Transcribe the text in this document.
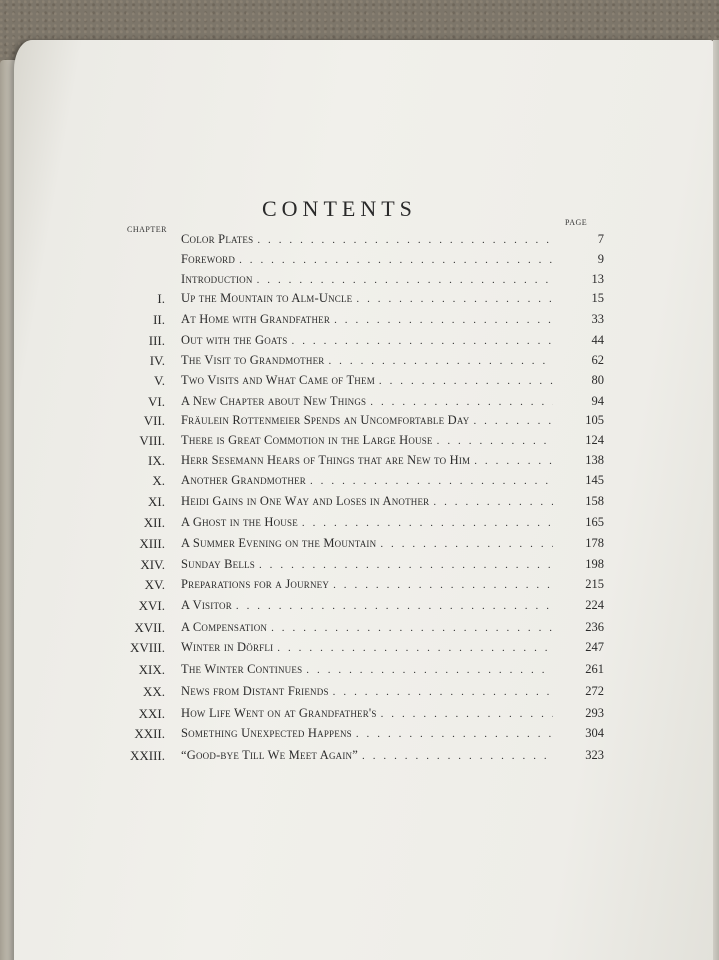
CONTENTS
CHAPTER
PAGE
Color Plates . . .	7
Foreword . . .	9
Introduction . . .	13
I. Up the Mountain to Alm-Uncle . . .	15
II. At Home with Grandfather . . .	33
III. Out with the Goats . . .	44
IV. The Visit to Grandmother . . .	62
V. Two Visits and What Came of Them . . .	80
VI. A New Chapter about New Things . . .	94
VII. Fräulein Rottenmeier Spends an Uncomfortable Day . . .	105
VIII. There is Great Commotion in the Large House . . .	124
IX. Herr Sesemann Hears of Things that are New to Him . . .	138
X. Another Grandmother . . .	145
XI. Heidi Gains in One Way and Loses in Another . . .	158
XII. A Ghost in the House . . .	165
XIII. A Summer Evening on the Mountain . . .	178
XIV. Sunday Bells . . .	198
XV. Preparations for a Journey . . .	215
XVI. A Visitor . . .	224
XVII. A Compensation . . .	236
XVIII. Winter in Dörfli . . .	247
XIX. The Winter Continues . . .	261
XX. News from Distant Friends . . .	272
XXI. How Life Went on at Grandfather's . . .	293
XXII. Something Unexpected Happens . . .	304
XXIII. “Good-bye Till We Meet Again” . . .	323
